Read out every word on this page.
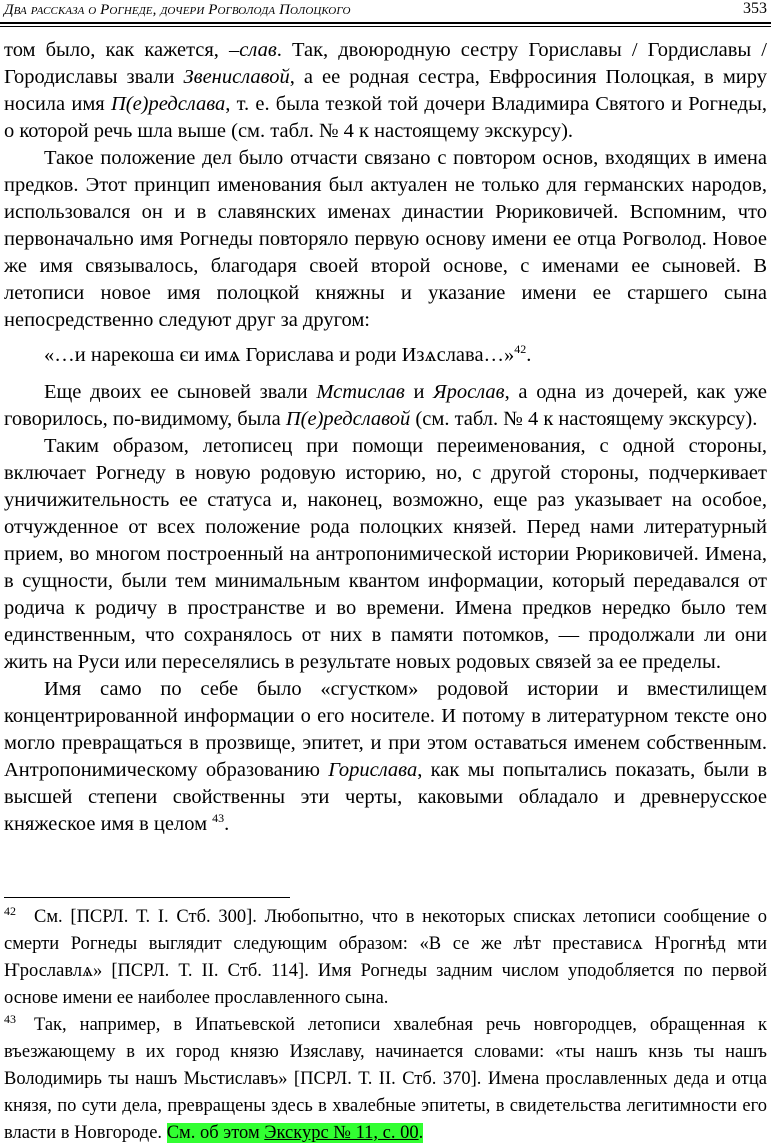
Два рассказа о Рогнеде, дочери Рогволода Полоцкого	353

том было, как кажется, –слав. Так, двоюродную сестру Гориславы / Гордиславы / Городиславы звали Звениславой, а ее родная сестра, Евфросиния Полоцкая, в миру носила имя П(е)редслава, т. е. была тезкой той дочери Владимира Святого и Рогнеды, о которой речь шла выше (см. табл. № 4 к настоящему экскурсу).

Такое положение дел было отчасти связано с повтором основ, входящих в имена предков. Этот принцип именования был актуален не только для германских народов, использовался он и в славянских именах династии Рюриковичей. Вспомним, что первоначально имя Рогнеды повторяло первую основу имени ее отца Рогволод. Новое же имя связывалось, благодаря своей второй основе, с именами ее сыновей. В летописи новое имя полоцкой княжны и указание имени ее старшего сына непосредственно следуют друг за другом:

«…и нарекоша єи имѧ Горислава и роди Изѧслава…»$^{42}$.

Еще двоих ее сыновей звали Мстислав и Ярослав, а одна из дочерей, как уже говорилось, по-видимому, была П(е)редславой (см. табл. № 4 к настоящему экскурсу).

Таким образом, летописец при помощи переименования, с одной стороны, включает Рогнеду в новую родовую историю, но, с другой стороны, подчеркивает уничижительность ее статуса и, наконец, возможно, еще раз указывает на особое, отчужденное от всех положение рода полоцких князей. Перед нами литературный прием, во многом построенный на антропонимической истории Рюриковичей. Имена, в сущности, были тем минимальным квантом информации, который передавался от родича к родичу в пространстве и во времени. Имена предков нередко было тем единственным, что сохранялось от них в памяти потомков, — продолжали ли они жить на Руси или переселялись в результате новых родовых связей за ее пределы.

Имя само по себе было «сгустком» родовой истории и вместилищем концентрированной информации о его носителе. И потому в литературном тексте оно могло превращаться в прозвище, эпитет, и при этом оставаться именем собственным. Антропонимическому образованию Горислава, как мы попытались показать, были в высшей степени свойственны эти черты, каковыми обладало и древнерусское княжеское имя в целом $^{43}$.

42 См. [ПСРЛ. Т. I. Стб. 300]. Любопытно, что в некоторых списках летописи сообщение о смерти Рогнеды выглядит следующим образом: «В се же лѣт престависѧ Ҥрогнѣд мти Ҥрославлѧ» [ПСРЛ. Т. II. Стб. 114]. Имя Рогнеды задним числом уподобляется по первой основе имени ее наиболее прославленного сына.

43 Так, например, в Ипатьевской летописи хвалебная речь новгородцев, обращенная к въезжающему в их город князю Изяславу, начинается словами: «ты нашъ кнзь ты нашъ Володимирь ты нашъ Мьстиславъ» [ПСРЛ. Т. II. Стб. 370]. Имена прославленных деда и отца князя, по сути дела, превращены здесь в хвалебные эпитеты, в свидетельства легитимности его власти в Новгороде. См. об этом Экскурс № 11, с. 00.
